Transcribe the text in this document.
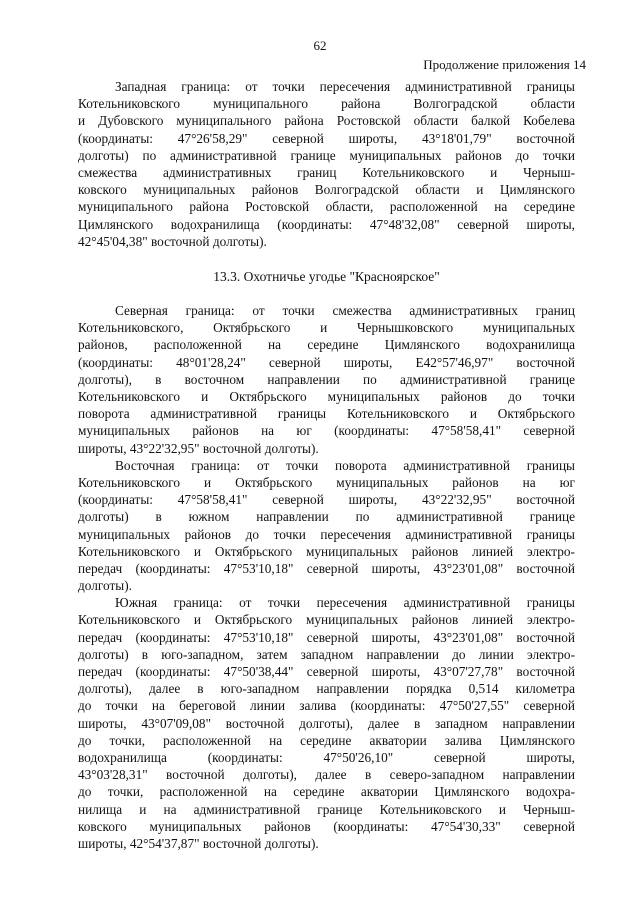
62
Продолжение приложения 14
Западная граница: от точки пересечения административной границы
Котельниковского муниципального района Волгоградской области
и Дубовского муниципального района Ростовской области балкой Кобелева
(координаты: 47°26'58,29" северной широты, 43°18'01,79" восточной
долготы) по административной границе муниципальных районов до точки
смежества административных границ Котельниковского и Черныш-
ковского муниципальных районов Волгоградской области и Цимлянского
муниципального района Ростовской области, расположенной на середине
Цимлянского водохранилища (координаты: 47°48'32,08" северной широты,
42°45'04,38" восточной долготы).
13.3. Охотничье угодье "Красноярское"
Северная граница: от точки смежества административных границ
Котельниковского, Октябрьского и Чернышковского муниципальных
районов, расположенной на середине Цимлянского водохранилища
(координаты: 48°01'28,24" северной широты, Е42°57'46,97" восточной
долготы), в восточном направлении по административной границе
Котельниковского и Октябрьского муниципальных районов до точки
поворота административной границы Котельниковского и Октябрьского
муниципальных районов на юг (координаты: 47°58'58,41" северной
широты, 43°22'32,95" восточной долготы).
Восточная граница: от точки поворота административной границы
Котельниковского и Октябрьского муниципальных районов на юг
(координаты: 47°58'58,41" северной широты, 43°22'32,95" восточной
долготы) в южном направлении по административной границе
муниципальных районов до точки пересечения административной границы
Котельниковского и Октябрьского муниципальных районов линией электро-
передач (координаты: 47°53'10,18" северной широты, 43°23'01,08" восточной
долготы).
Южная граница: от точки пересечения административной границы
Котельниковского и Октябрьского муниципальных районов линией электро-
передач (координаты: 47°53'10,18" северной широты, 43°23'01,08" восточной
долготы) в юго-западном, затем западном направлении до линии электро-
передач (координаты: 47°50'38,44" северной широты, 43°07'27,78" восточной
долготы), далее в юго-западном направлении порядка 0,514 километра
до точки на береговой линии залива (координаты: 47°50'27,55" северной
широты, 43°07'09,08" восточной долготы), далее в западном направлении
до точки, расположенной на середине акватории залива Цимлянского
водохранилища (координаты: 47°50'26,10" северной широты,
43°03'28,31" восточной долготы), далее в северо-западном направлении
до точки, расположенной на середине акватории Цимлянского водохра-
нилища и на административной границе Котельниковского и Черныш-
ковского муниципальных районов (координаты: 47°54'30,33" северной
широты, 42°54'37,87" восточной долготы).
